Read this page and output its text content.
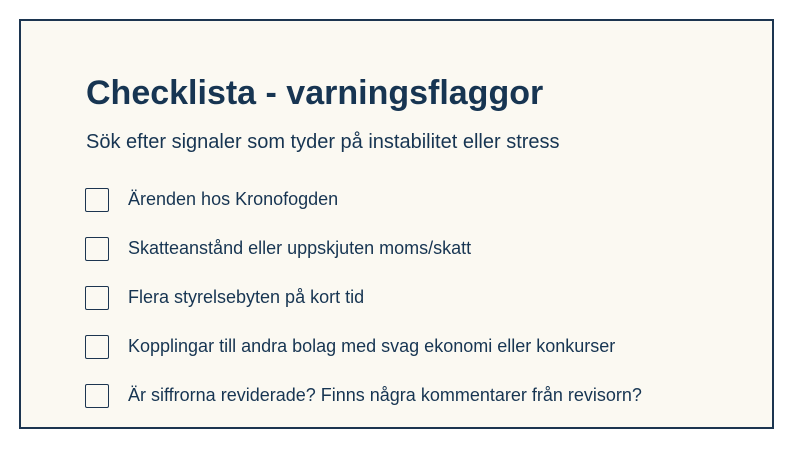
Checklista - varningsflaggor

Sök efter signaler som tyder på instabilitet eller stress

Ärenden hos Kronofogden
Skatteanstånd eller uppskjuten moms/skatt
Flera styrelsebyten på kort tid
Kopplingar till andra bolag med svag ekonomi eller konkurser
Är siffrorna reviderade? Finns några kommentarer från revisorn?
